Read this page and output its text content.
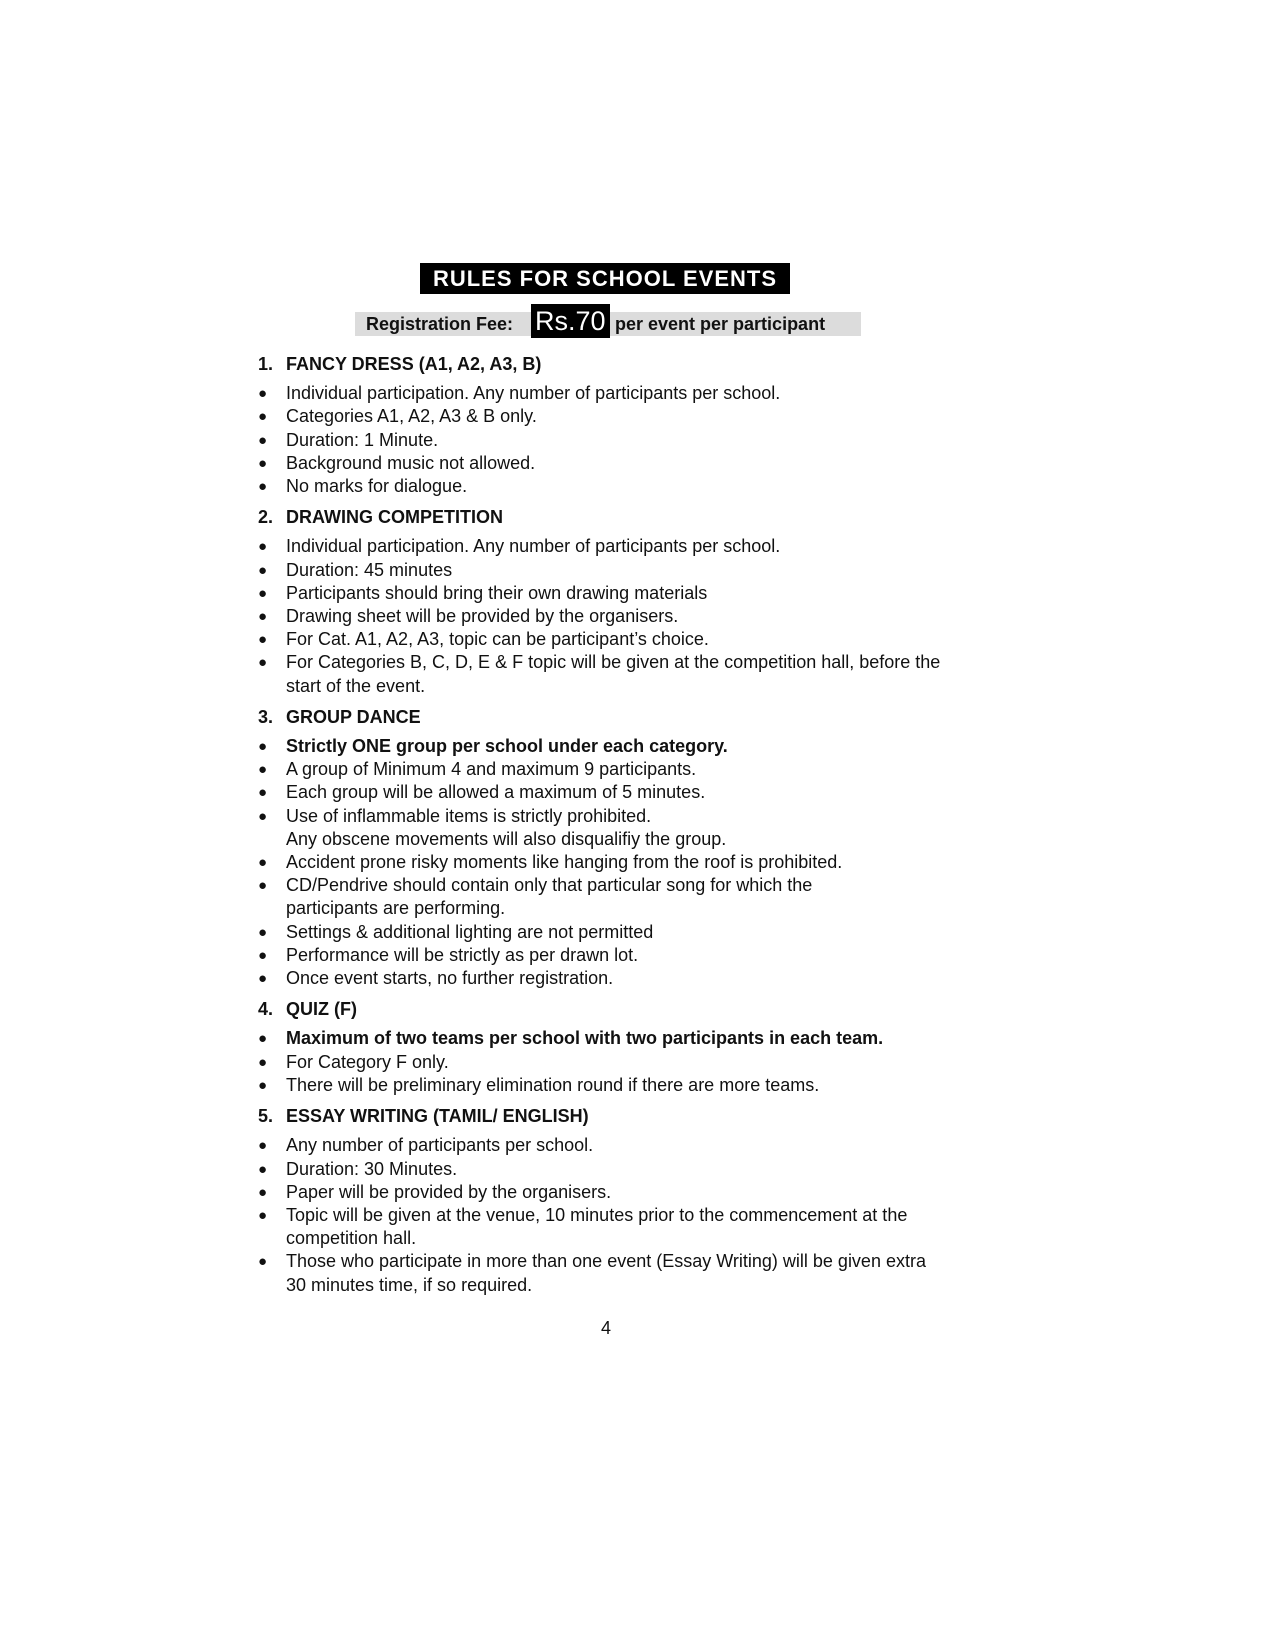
RULES FOR SCHOOL EVENTS
Registration Fee: Rs.70 per event per participant
1. FANCY DRESS (A1, A2, A3, B)
●
Individual participation. Any number of participants per school.
●
Categories A1, A2, A3 & B only.
●
Duration: 1 Minute.
●
Background music not allowed.
●
No marks for dialogue.
2. DRAWING COMPETITION
●
Individual participation. Any number of participants per school.
●
Duration: 45 minutes
●
Participants should bring their own drawing materials
●
Drawing sheet will be provided by the organisers.
●
For Cat. A1, A2, A3, topic can be participant’s choice.
●
For Categories B, C, D, E & F topic will be given at the competition hall, before the start of the event.
3. GROUP DANCE
●
Strictly ONE group per school under each category.
●
A group of Minimum 4 and maximum 9 participants.
●
Each group will be allowed a maximum of 5 minutes.
●
Use of inflammable items is strictly prohibited.
Any obscene movements will also disqualifiy the group.
●
Accident prone risky moments like hanging from the roof is prohibited.
●
CD/Pendrive should contain only that particular song for which the participants are performing.
●
Settings & additional lighting are not permitted
●
Performance will be strictly as per drawn lot.
●
Once event starts, no further registration.
4. QUIZ (F)
●
Maximum of two teams per school with two participants in each team.
●
For Category F only.
●
There will be preliminary elimination round if there are more teams.
5. ESSAY WRITING (TAMIL/ ENGLISH)
●
Any number of participants per school.
●
Duration: 30 Minutes.
●
Paper will be provided by the organisers.
●
Topic will be given at the venue, 10 minutes prior to the commencement at the competition hall.
●
Those who participate in more than one event (Essay Writing) will be given extra 30 minutes time, if so required.
4
